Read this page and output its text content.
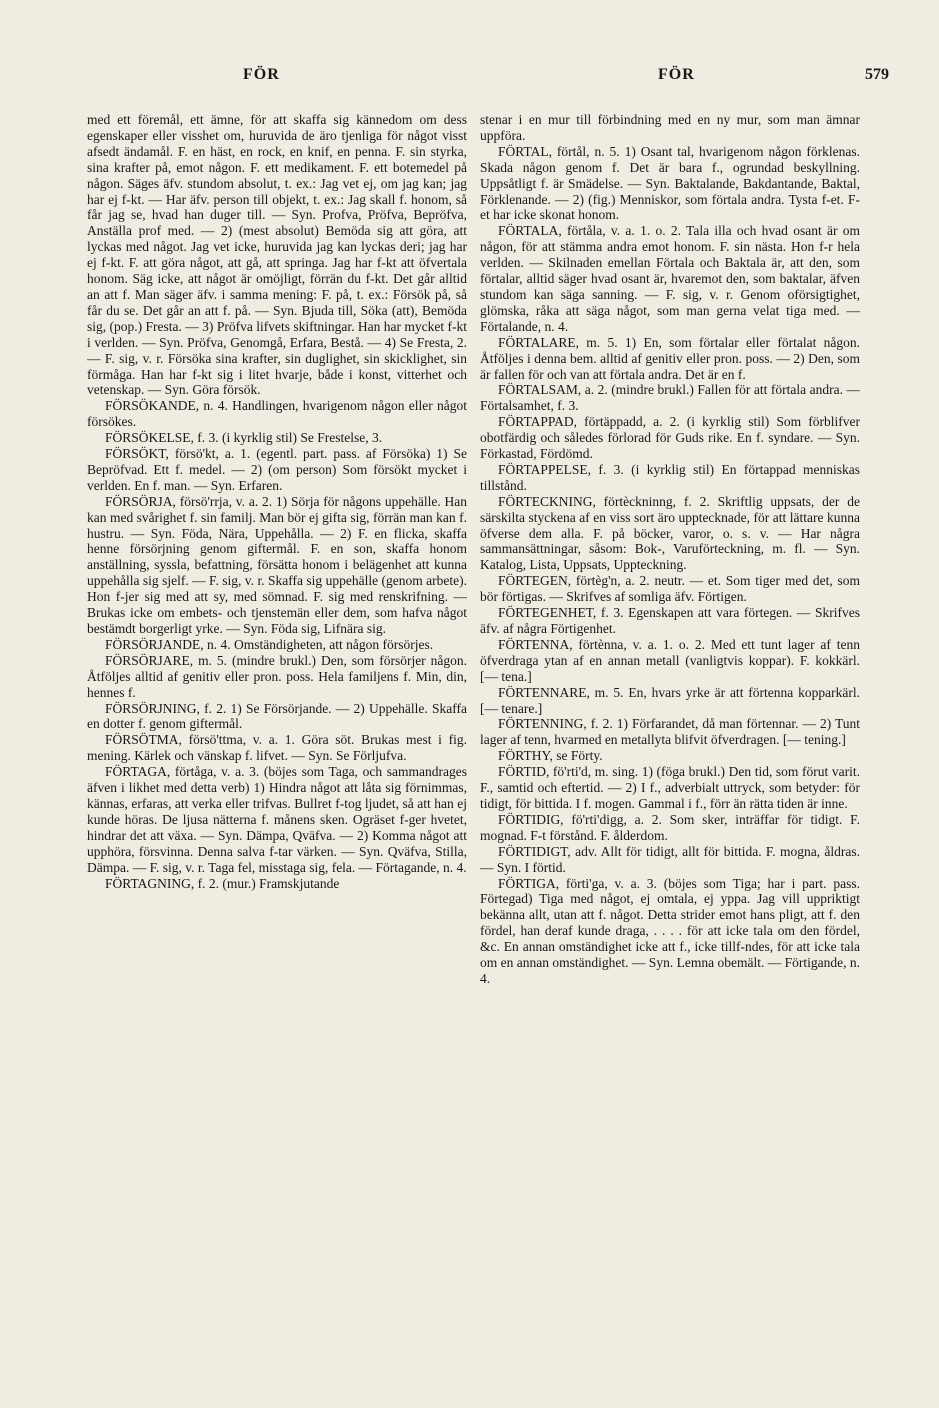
FÖR	FÖR	579

med ett föremål, ett ämne, för att skaffa sig kännedom om dess egenskaper eller visshet om, huruvida de äro tjenliga för något visst afsedt ändamål. F. en häst, en rock, en knif, en penna. F. sin styrka, sina krafter på, emot någon. F. ett medikament. F. ett botemedel på någon. Säges äfv. stundom absolut, t. ex.: Jag vet ej, om jag kan; jag har ej f-kt. — Har äfv. person till objekt, t. ex.: Jag skall f. honom, så får jag se, hvad han duger till. — Syn. Profva, Pröfva, Bepröfva, Anställa prof med. — 2) (mest absolut) Bemöda sig att göra, att lyckas med något. Jag vet icke, huruvida jag kan lyckas deri; jag har ej f-kt. F. att göra något, att gå, att springa. Jag har f-kt att öfvertala honom. Säg icke, att något är omöjligt, förrän du f-kt. Det går alltid an att f. Man säger äfv. i samma mening: F. på, t. ex.: Försök på, så får du se. Det går an att f. på. — Syn. Bjuda till, Söka (att), Bemöda sig, (pop.) Fresta. — 3) Pröfva lifvets skiftningar. Han har mycket f-kt i verlden. — Syn. Pröfva, Genomgå, Erfara, Bestå. — 4) Se Fresta, 2. — F. sig, v. r. Försöka sina krafter, sin duglighet, sin skicklighet, sin förmåga. Han har f-kt sig i litet hvarje, både i konst, vitterhet och vetenskap. — Syn. Göra försök.

FÖRSÖKANDE, n. 4. Handlingen, hvarigenom någon eller något försökes.

FÖRSÖKELSE, f. 3. (i kyrklig stil) Se Frestelse, 3.

FÖRSÖKT, försö'kt, a. 1. (egentl. part. pass. af Försöka) 1) Se Bepröfvad. Ett f. medel. — 2) (om person) Som försökt mycket i verlden. En f. man. — Syn. Erfaren.

FÖRSÖRJA, försö'rrja, v. a. 2. 1) Sörja för någons uppehälle. Han kan med svårighet f. sin familj. Man bör ej gifta sig, förrän man kan f. hustru. — Syn. Föda, Nära, Uppehålla. — 2) F. en flicka, skaffa henne försörjning genom giftermål. F. en son, skaffa honom anställning, syssla, befattning, försätta honom i belägenhet att kunna uppehålla sig sjelf. — F. sig, v. r. Skaffa sig uppehälle (genom arbete). Hon f-jer sig med att sy, med sömnad. F. sig med renskrifning. — Brukas icke om embets- och tjenstemän eller dem, som hafva något bestämdt borgerligt yrke. — Syn. Föda sig, Lifnära sig.

FÖRSÖRJANDE, n. 4. Omständigheten, att någon försörjes.

FÖRSÖRJARE, m. 5. (mindre brukl.) Den, som försörjer någon. Åtföljes alltid af genitiv eller pron. poss. Hela familjens f. Min, din, hennes f.

FÖRSÖRJNING, f. 2. 1) Se Försörjande. — 2) Uppehälle. Skaffa en dotter f. genom giftermål.

FÖRSÖTMA, försö'ttma, v. a. 1. Göra söt. Brukas mest i fig. mening. Kärlek och vänskap f. lifvet. — Syn. Se Förljufva.

FÖRTAGA, förtåga, v. a. 3. (böjes som Taga, och sammandrages äfven i likhet med detta verb) 1) Hindra något att låta sig förnimmas, kännas, erfaras, att verka eller trifvas. Bullret f-tog ljudet, så att han ej kunde höras. De ljusa nätterna f. månens sken. Ogräset f-ger hvetet, hindrar det att växa. — Syn. Dämpa, Qväfva. — 2) Komma något att upphöra, försvinna. Denna salva f-tar värken. — Syn. Qväfva, Stilla, Dämpa. — F. sig, v. r. Taga fel, misstaga sig, fela. — Förtagande, n. 4.

FÖRTAGNING, f. 2. (mur.) Framskjutande

stenar i en mur till förbindning med en ny mur, som man ämnar uppföra.

FÖRTAL, förtål, n. 5. 1) Osant tal, hvarigenom någon förklenas. Skada någon genom f. Det är bara f., ogrundad beskyllning. Uppsåtligt f. är Smädelse. — Syn. Baktalande, Bakdantande, Baktal, Förklenande. — 2) (fig.) Menniskor, som förtala andra. Tysta f-et. F-et har icke skonat honom.

FÖRTALA, förtåla, v. a. 1. o. 2. Tala illa och hvad osant är om någon, för att stämma andra emot honom. F. sin nästa. Hon f-r hela verlden. — Skilnaden emellan Förtala och Baktala är, att den, som förtalar, alltid säger hvad osant är, hvaremot den, som baktalar, äfven stundom kan säga sanning. — F. sig, v. r. Genom oförsigtighet, glömska, råka att säga något, som man gerna velat tiga med. — Förtalande, n. 4.

FÖRTALARE, m. 5. 1) En, som förtalar eller förtalat någon. Åtföljes i denna bem. alltid af genitiv eller pron. poss. — 2) Den, som är fallen för och van att förtala andra. Det är en f.

FÖRTALSAM, a. 2. (mindre brukl.) Fallen för att förtala andra. — Förtalsamhet, f. 3.

FÖRTAPPAD, förtäppadd, a. 2. (i kyrklig stil) Som förblifver obotfärdig och således förlorad för Guds rike. En f. syndare. — Syn. Förkastad, Fördömd.

FÖRTAPPELSE, f. 3. (i kyrklig stil) En förtappad menniskas tillstånd.

FÖRTECKNING, förtèckninng, f. 2. Skriftlig uppsats, der de särskilta styckena af en viss sort äro upptecknade, för att lättare kunna öfverse dem alla. F. på böcker, varor, o. s. v. — Har några sammansättningar, såsom: Bok-, Varuförteckning, m. fl. — Syn. Katalog, Lista, Uppsats, Uppteckning.

FÖRTEGEN, förtèg'n, a. 2. neutr. — et. Som tiger med det, som bör förtigas. — Skrifves af somliga äfv. Förtigen.

FÖRTEGENHET, f. 3. Egenskapen att vara förtegen. — Skrifves äfv. af några Förtigenhet.

FÖRTENNA, förtènna, v. a. 1. o. 2. Med ett tunt lager af tenn öfverdraga ytan af en annan metall (vanligtvis koppar). F. kokkärl. [— tena.]

FÖRTENNARE, m. 5. En, hvars yrke är att förtenna kopparkärl. [— tenare.]

FÖRTENNING, f. 2. 1) Förfarandet, då man förtennar. — 2) Tunt lager af tenn, hvarmed en metallyta blifvit öfverdragen. [— tening.]

FÖRTHY, se Förty.

FÖRTID, fö'rti'd, m. sing. 1) (föga brukl.) Den tid, som förut varit. F., samtid och eftertid. — 2) I f., adverbialt uttryck, som betyder: för tidigt, för bittida. I f. mogen. Gammal i f., förr än rätta tiden är inne.

FÖRTIDIG, fö'rti'digg, a. 2. Som sker, inträffar för tidigt. F. mognad. F-t förstånd. F. ålderdom.

FÖRTIDIGT, adv. Allt för tidigt, allt för bittida. F. mogna, åldras. — Syn. I förtid.

FÖRTIGA, förti'ga, v. a. 3. (böjes som Tiga; har i part. pass. Förtegad) Tiga med något, ej omtala, ej yppa. Jag vill uppriktigt bekänna allt, utan att f. något. Detta strider emot hans pligt, att f. den fördel, han deraf kunde draga, . . . . för att icke tala om den fördel, &c. En annan omständighet icke att f., icke tillf-ndes, för att icke tala om en annan omständighet. — Syn. Lemna obemält. — Förtigande, n. 4.
